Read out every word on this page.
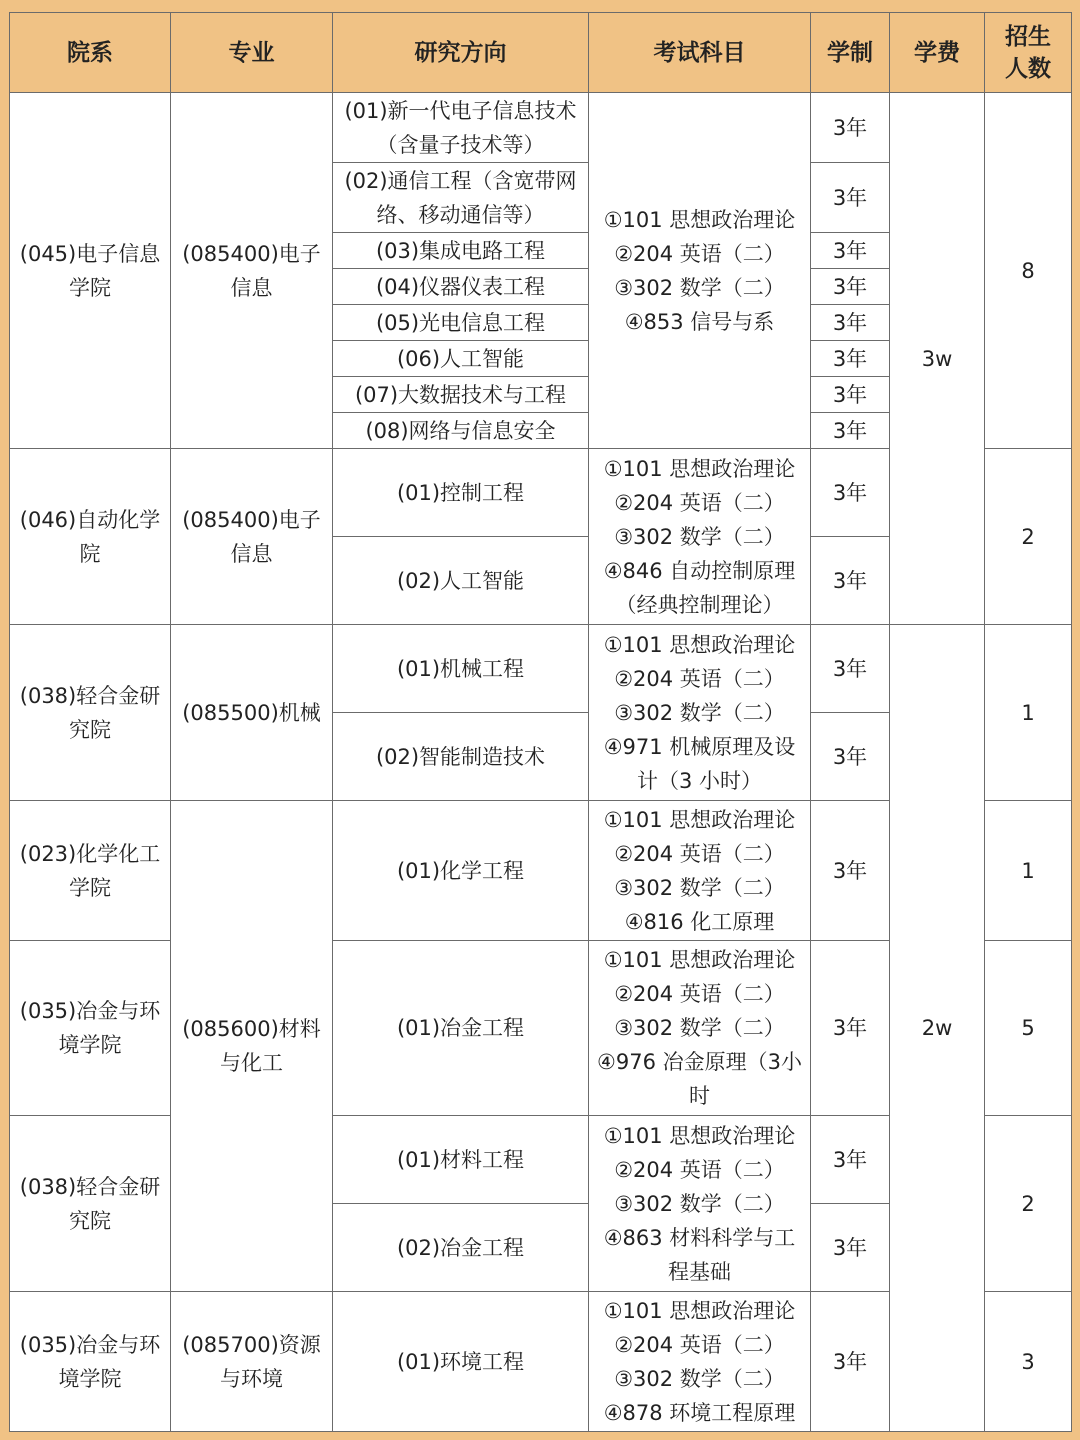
院系	专业	研究方向	考试科目	学制	学费	招生 人数
(045)电子信息学院	(085400)电子信息	(01)新一代电子信息技术（含量子技术等）	①101 思想政治理论
②204 英语（二）
③302 数学（二）
④853 信号与系	3年	3w	8
		(02)通信工程（含宽带网络、移动通信等）		3年		
		(03)集成电路工程		3年		
		(04)仪器仪表工程		3年		
		(05)光电信息工程		3年		
		(06)人工智能		3年		
		(07)大数据技术与工程		3年		
		(08)网络与信息安全		3年		
(046)自动化学院	(085400)电子信息	(01)控制工程	①101 思想政治理论
②204 英语（二）
③302 数学（二）
④846 自动控制原理
（经典控制理论）	3年		2
		(02)人工智能		3年		
(038)轻合金研究院	(085500)机械	(01)机械工程	①101 思想政治理论
②204 英语（二）
③302 数学（二）
④971 机械原理及设计（3 小时）	3年	2w	1
		(02)智能制造技术		3年		
(023)化学化工学院	(085600)材料与化工	(01)化学工程	①101 思想政治理论
②204 英语（二）
③302 数学（二）
④816 化工原理	3年		1
(035)冶金与环境学院		(01)冶金工程	①101 思想政治理论
②204 英语（二）
③302 数学（二）
④976 冶金原理（3小时	3年		5
(038)轻合金研究院		(01)材料工程	①101 思想政治理论
②204 英语（二）
③302 数学（二）
④863 材料科学与工程基础	3年		2
		(02)冶金工程		3年		
(035)冶金与环境学院	(085700)资源与环境	(01)环境工程	①101 思想政治理论
②204 英语（二）
③302 数学（二）
④878 环境工程原理	3年		3
